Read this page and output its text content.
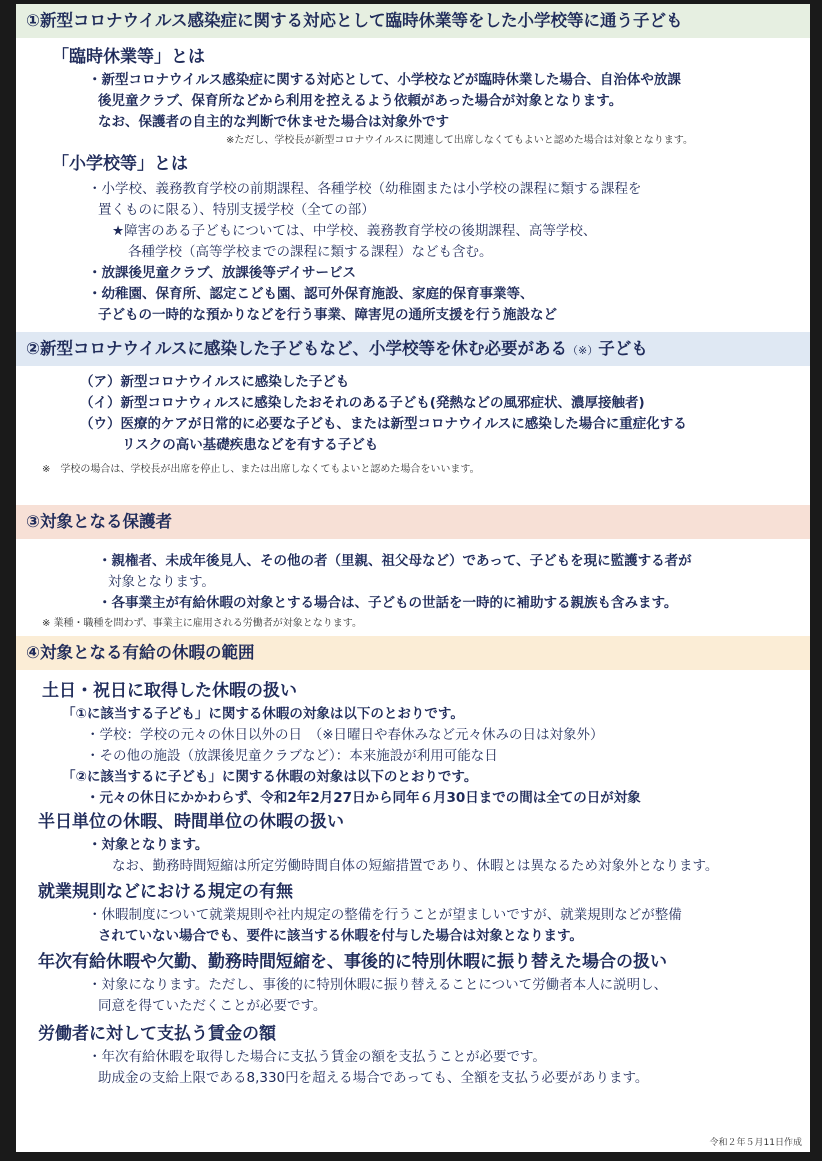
①新型コロナウイルス感染症に関する対応として臨時休業等をした小学校等に通う子ども
「臨時休業等」とは
・新型コロナウイルス感染症に関する対応として、小学校などが臨時休業した場合、自治体や放課
後児童クラブ、保育所などから利用を控えるよう依頼があった場合が対象となります。
なお、保護者の自主的な判断で休ませた場合は対象外です
※ただし、学校長が新型コロナウイルスに関連して出席しなくてもよいと認めた場合は対象となります。
「小学校等」とは
・小学校、義務教育学校の前期課程、各種学校（幼稚園または小学校の課程に類する課程を
置くものに限る）、特別支援学校（全ての部）
★障害のある子どもについては、中学校、義務教育学校の後期課程、高等学校、
各種学校（高等学校までの課程に類する課程）なども含む。
・放課後児童クラブ、放課後等デイサービス
・幼稚園、保育所、認定こども園、認可外保育施設、家庭的保育事業等、
子どもの一時的な預かりなどを行う事業、障害児の通所支援を行う施設など
②新型コロナウイルスに感染した子どもなど、小学校等を休む必要がある（※）子ども
（ア）新型コロナウイルスに感染した子ども
（イ）新型コロナウィルスに感染したおそれのある子ども(発熱などの風邪症状、濃厚接触者)
（ウ）医療的ケアが日常的に必要な子ども、または新型コロナウイルスに感染した場合に重症化する
リスクの高い基礎疾患などを有する子ども
※　学校の場合は、学校長が出席を停止し、または出席しなくてもよいと認めた場合をいいます。
③対象となる保護者
・親権者、未成年後見人、その他の者（里親、祖父母など）であって、子どもを現に監護する者が
対象となります。
・各事業主が有給休暇の対象とする場合は、子どもの世話を一時的に補助する親族も含みます。
※ 業種・職種を問わず、事業主に雇用される労働者が対象となります。
④対象となる有給の休暇の範囲
土日・祝日に取得した休暇の扱い
「①に該当する子ども」に関する休暇の対象は以下のとおりです。
・学校：学校の元々の休日以外の日　（※日曜日や春休みなど元々休みの日は対象外）
・その他の施設（放課後児童クラブなど）：本来施設が利用可能な日
「②に該当するに子ども」に関する休暇の対象は以下のとおりです。
・元々の休日にかかわらず、令和2年2月27日から同年６月30日までの間は全ての日が対象
半日単位の休暇、時間単位の休暇の扱い
・対象となります。
なお、勤務時間短縮は所定労働時間自体の短縮措置であり、休暇とは異なるため対象外となります。
就業規則などにおける規定の有無
・休暇制度について就業規則や社内規定の整備を行うことが望ましいですが、就業規則などが整備
されていない場合でも、要件に該当する休暇を付与した場合は対象となります。
年次有給休暇や欠勤、勤務時間短縮を、事後的に特別休暇に振り替えた場合の扱い
・対象になります。ただし、事後的に特別休暇に振り替えることについて労働者本人に説明し、
同意を得ていただくことが必要です。
労働者に対して支払う賃金の額
・年次有給休暇を取得した場合に支払う賃金の額を支払うことが必要です。
助成金の支給上限である8,330円を超える場合であっても、全額を支払う必要があります。
令和２年５月11日作成
